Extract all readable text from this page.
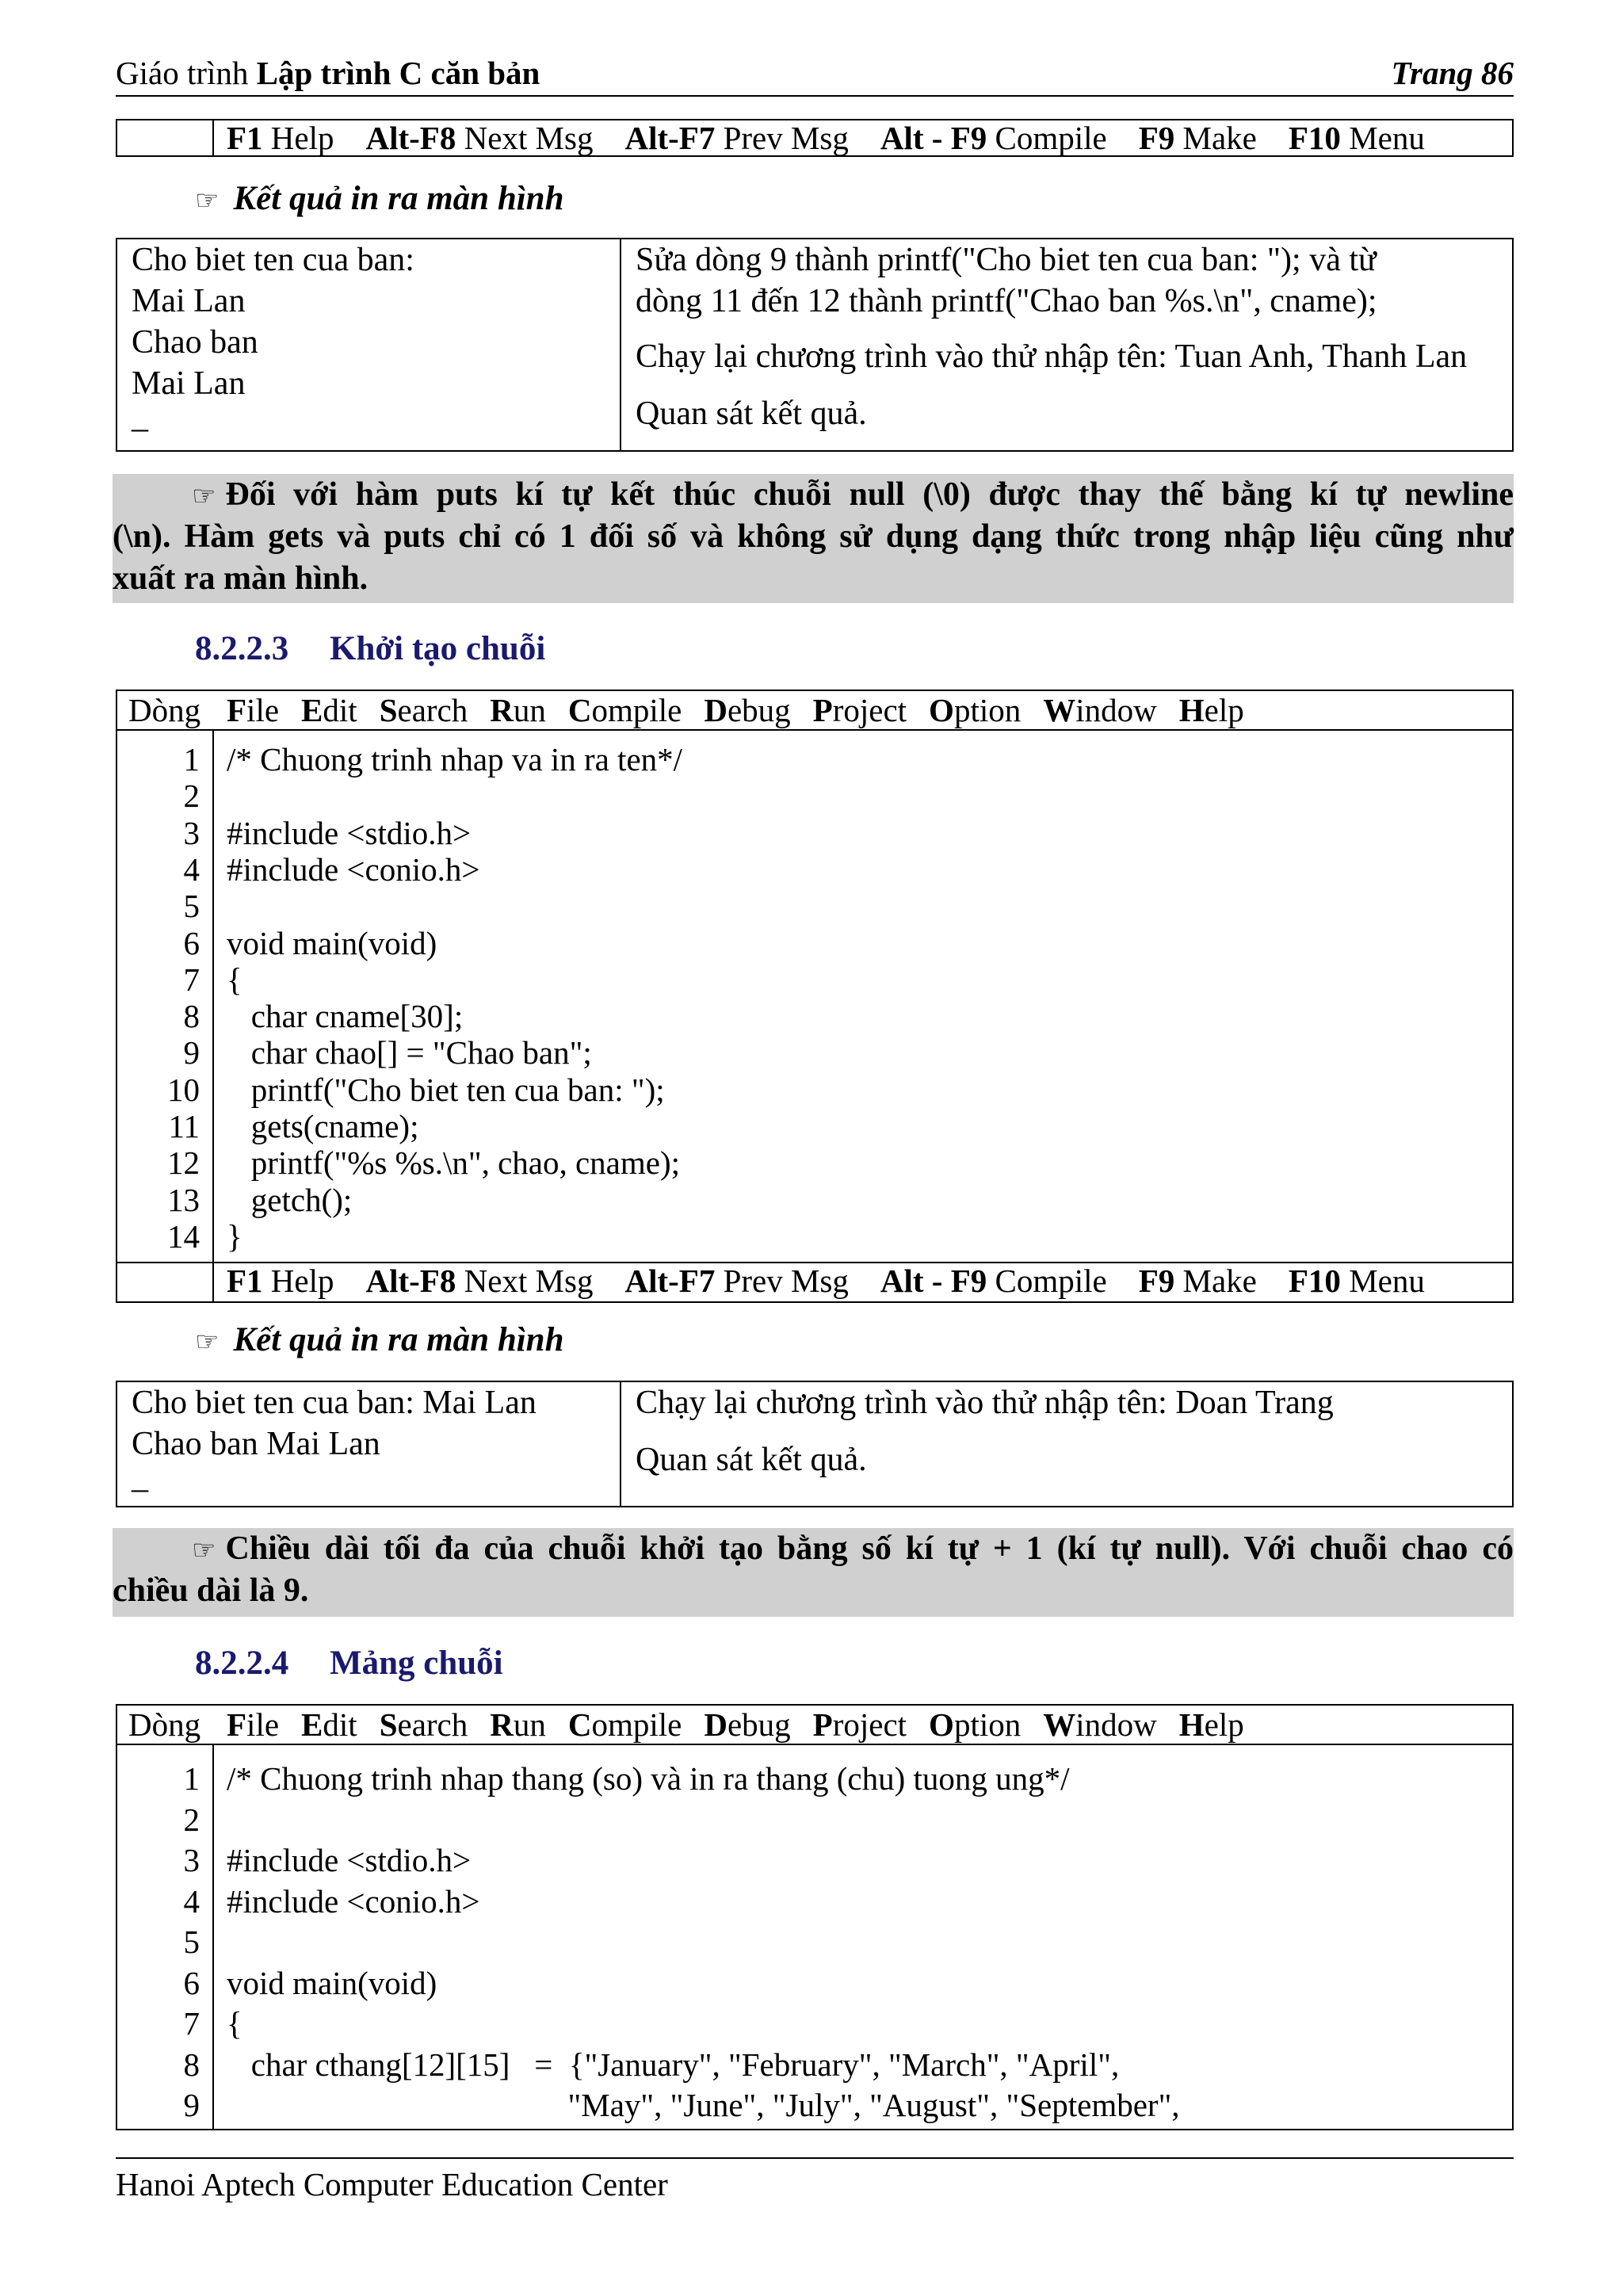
Giáo trình Lập trình C căn bản	Trang 86
F1 Help Alt-F8 Next Msg Alt-F7 Prev Msg Alt - F9 Compile F9 Make F10 Menu
☞ Kết quả in ra màn hình
Cho biet ten cua ban:
Mai Lan
Chao ban
Mai Lan
_
Sửa dòng 9 thành printf("Cho biet ten cua ban: "); và từ
dòng 11 đến 12 thành printf("Chao ban %s.\n", cname);
Chạy lại chương trình vào thử nhập tên: Tuan Anh, Thanh Lan
Quan sát kết quả.
☞ Đối với hàm puts kí tự kết thúc chuỗi null (\0) được thay thế bằng kí tự newline
(\n). Hàm gets và puts chỉ có 1 đối số và không sử dụng dạng thức trong nhập liệu cũng như
xuất ra màn hình.
8.2.2.3 Khởi tạo chuỗi
Dòng File Edit Search Run Compile Debug Project Option Window Help
1 /* Chuong trinh nhap va in ra ten*/
2
3 #include <stdio.h>
4 #include <conio.h>
5
6 void main(void)
7 {
8 char cname[30];
9 char chao[] = "Chao ban";
10 printf("Cho biet ten cua ban: ");
11 gets(cname);
12 printf("%s %s.\n", chao, cname);
13 getch();
14 }
F1 Help Alt-F8 Next Msg Alt-F7 Prev Msg Alt - F9 Compile F9 Make F10 Menu
☞ Kết quả in ra màn hình
Cho biet ten cua ban: Mai Lan
Chao ban Mai Lan
_
Chạy lại chương trình vào thử nhập tên: Doan Trang
Quan sát kết quả.
☞ Chiều dài tối đa của chuỗi khởi tạo bằng số kí tự + 1 (kí tự null). Với chuỗi chao có
chiều dài là 9.
8.2.2.4 Mảng chuỗi
Dòng File Edit Search Run Compile Debug Project Option Window Help
1 /* Chuong trinh nhap thang (so) và in ra thang (chu) tuong ung*/
2
3 #include <stdio.h>
4 #include <conio.h>
5
6 void main(void)
7 {
8 char cthang[12][15]   =  {"January", "February", "March", "April",
9 "May", "June", "July", "August", "September",
Hanoi Aptech Computer Education Center
